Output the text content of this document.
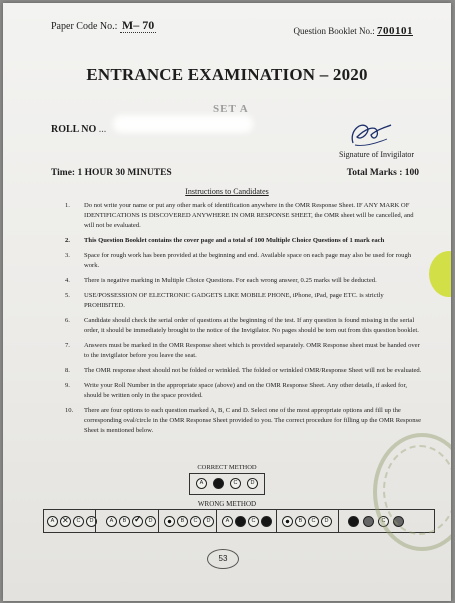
Paper Code No.: M– 70	Question Booklet No.: 700101
ENTRANCE EXAMINATION – 2020
SET A
ROLL NO ...
Signature of Invigilator
Time: 1 HOUR 30 MINUTES	Total Marks : 100
Instructions to Candidates
1. Do not write your name or put any other mark of identification anywhere in the OMR Response Sheet. IF ANY MARK OF IDENTIFICATIONS IS DISCOVERED ANYWHERE IN OMR RESPONSE SHEET, the OMR sheet will be cancelled, and will not be evaluated.
2. This Question Booklet contains the cover page and a total of 100 Multiple Choice Questions of 1 mark each
3. Space for rough work has been provided at the beginning and end. Available space on each page may also be used for rough work.
4. There is negative marking in Multiple Choice Questions. For each wrong answer, 0.25 marks will be deducted.
5. USE/POSSESSION OF ELECTRONIC GADGETS LIKE MOBILE PHONE, iPhone, iPad, page ETC. is strictly PROHIBITED.
6. Candidate should check the serial order of questions at the beginning of the test. If any question is found missing in the serial order, it should be immediately brought to the notice of the Invigilator. No pages should be torn out from this question booklet.
7. Answers must be marked in the OMR Response sheet which is provided separately. OMR Response sheet must be handed over to the invigilator before you leave the seat.
8. The OMR response sheet should not be folded or wrinkled. The folded or wrinkled OMR/Response Sheet will not be evaluated.
9. Write your Roll Number in the appropriate space (above) and on the OMR Response Sheet. Any other details, if asked for, should be written only in the space provided.
10. There are four options to each question marked A, B, C and D. Select one of the most appropriate options and fill up the corresponding oval/circle in the OMR Response Sheet provided to you. The correct procedure for filling up the OMR Response Sheet is mentioned below.
CORRECT METHOD
A	B	C	D
WRONG METHOD
A ✕	C	D	A	B ✓	D	B	C	D	A	C	B	C	D	C
53
